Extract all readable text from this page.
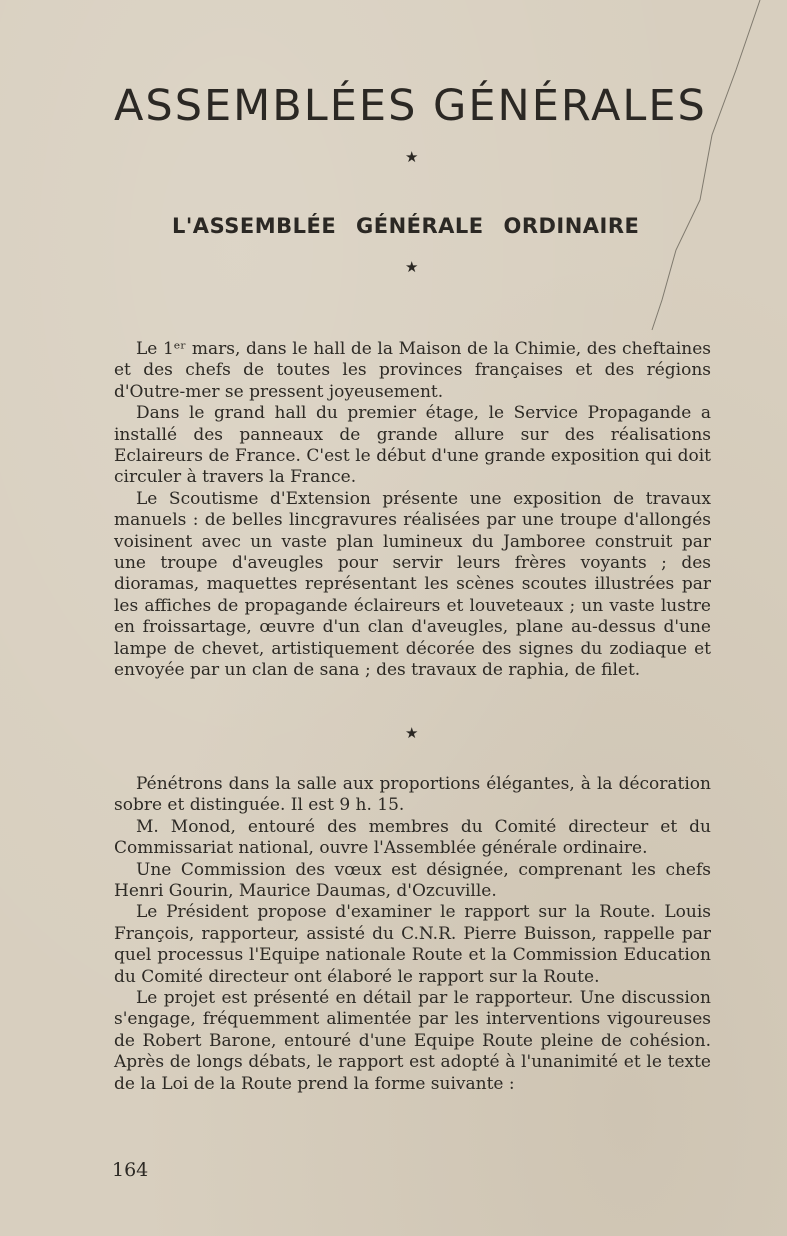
ASSEMBLÉES GÉNÉRALES
★
L'ASSEMBLÉE GÉNÉRALE ORDINAIRE
★

Le 1ᵉʳ mars, dans le hall de la Maison de la Chimie, des cheftaines et des chefs de toutes les provinces françaises et des régions d'Outre-mer se pressent joyeusement.

Dans le grand hall du premier étage, le Service Propagande a installé des panneaux de grande allure sur des réalisations Eclaireurs de France. C'est le début d'une grande exposition qui doit circuler à travers la France.

Le Scoutisme d'Extension présente une exposition de travaux manuels : de belles lincgravures réalisées par une troupe d'allongés voisinent avec un vaste plan lumineux du Jamboree construit par une troupe d'aveugles pour servir leurs frères voyants ; des dioramas, maquettes représentant les scènes scoutes illustrées par les affiches de propagande éclaireurs et louveteaux ; un vaste lustre en froissartage, œuvre d'un clan d'aveugles, plane au-dessus d'une lampe de chevet, artistiquement décorée des signes du zodiaque et envoyée par un clan de sana ; des travaux de raphia, de filet.

★

Pénétrons dans la salle aux proportions élégantes, à la décoration sobre et distinguée. Il est 9 h. 15.

M. Monod, entouré des membres du Comité directeur et du Commissariat national, ouvre l'Assemblée générale ordinaire.

Une Commission des vœux est désignée, comprenant les chefs Henri Gourin, Maurice Daumas, d'Ozcuville.

Le Président propose d'examiner le rapport sur la Route. Louis François, rapporteur, assisté du C.N.R. Pierre Buisson, rappelle par quel processus l'Equipe nationale Route et la Commission Education du Comité directeur ont élaboré le rapport sur la Route.

Le projet est présenté en détail par le rapporteur. Une discussion s'engage, fréquemment alimentée par les interventions vigoureuses de Robert Barone, entouré d'une Equipe Route pleine de cohésion. Après de longs débats, le rapport est adopté à l'unanimité et le texte de la Loi de la Route prend la forme suivante :

164
